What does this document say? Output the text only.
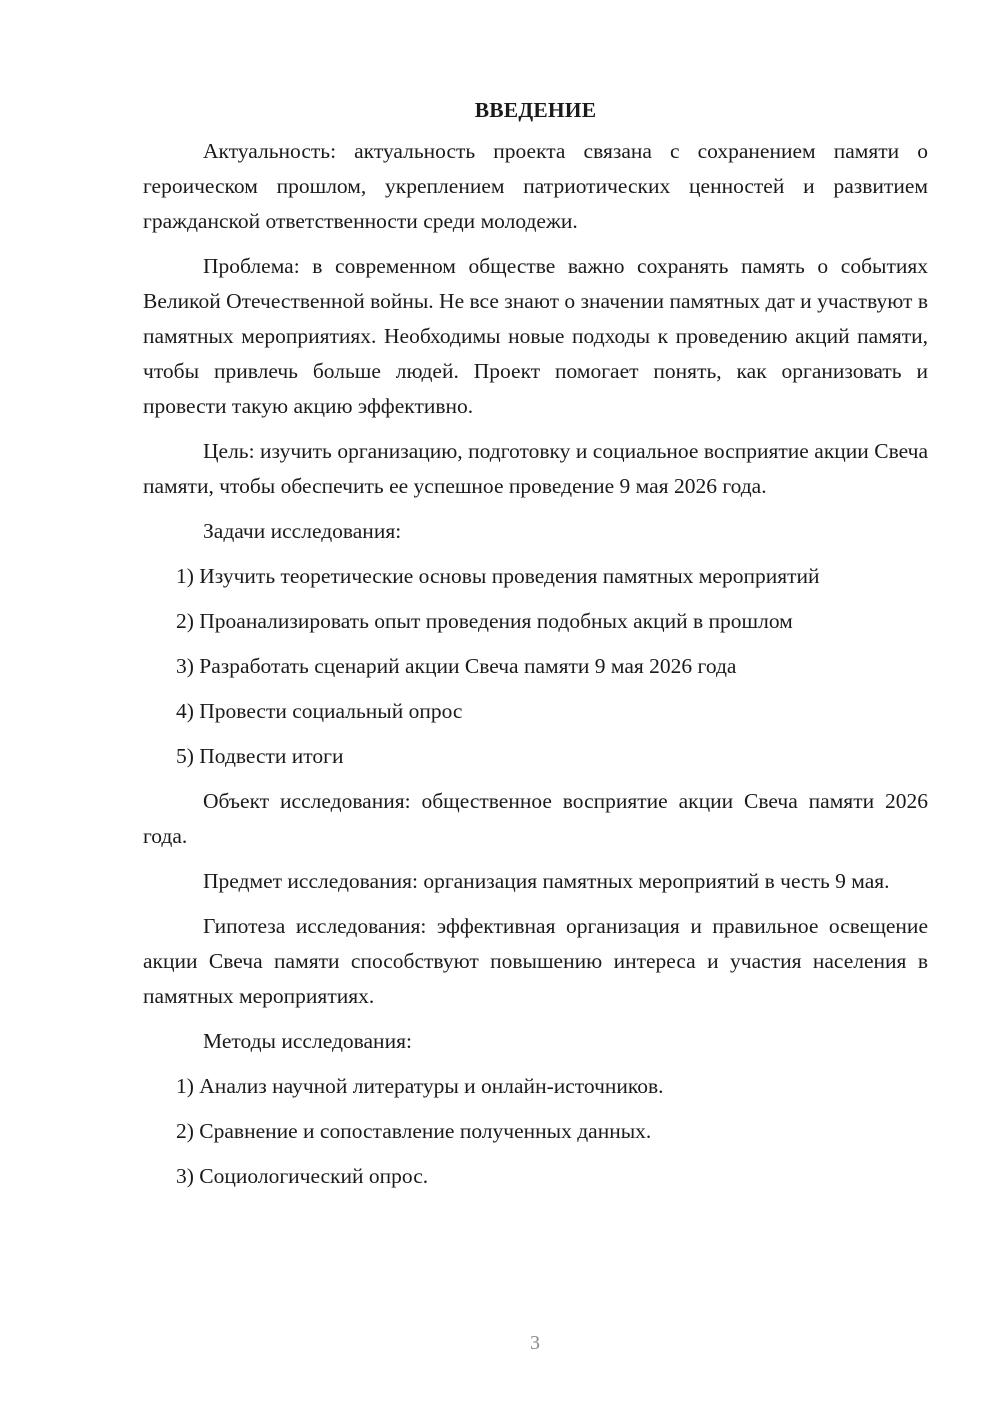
ВВЕДЕНИЕ

Актуальность: актуальность проекта связана с сохранением памяти о героическом прошлом, укреплением патриотических ценностей и развитием гражданской ответственности среди молодежи.

Проблема: в современном обществе важно сохранять память о событиях Великой Отечественной войны. Не все знают о значении памятных дат и участвуют в памятных мероприятиях. Необходимы новые подходы к проведению акций памяти, чтобы привлечь больше людей. Проект помогает понять, как организовать и провести такую акцию эффективно.

Цель: изучить организацию, подготовку и социальное восприятие акции Свеча памяти, чтобы обеспечить ее успешное проведение 9 мая 2026 года.

Задачи исследования:

1) Изучить теоретические основы проведения памятных мероприятий
2) Проанализировать опыт проведения подобных акций в прошлом
3) Разработать сценарий акции Свеча памяти 9 мая 2026 года
4) Провести социальный опрос
5) Подвести итоги

Объект исследования: общественное восприятие акции Свеча памяти 2026 года.

Предмет исследования: организация памятных мероприятий в честь 9 мая.

Гипотеза исследования: эффективная организация и правильное освещение акции Свеча памяти способствуют повышению интереса и участия населения в памятных мероприятиях.

Методы исследования:

1) Анализ научной литературы и онлайн-источников.
2) Сравнение и сопоставление полученных данных.
3) Социологический опрос.
3
